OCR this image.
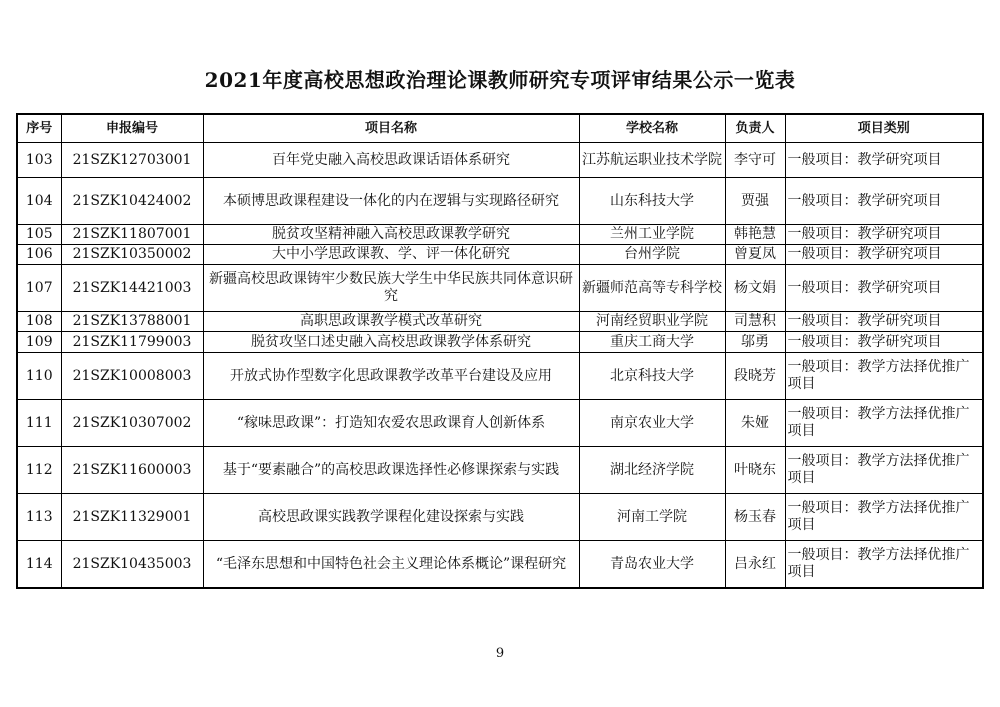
2021年度高校思想政治理论课教师研究专项评审结果公示一览表
序号	申报编号	项目名称	学校名称	负责人	项目类别
103	21SZK12703001	百年党史融入高校思政课话语体系研究	江苏航运职业技术学院	李守可	一般项目：教学研究项目
104	21SZK10424002	本硕博思政课程建设一体化的内在逻辑与实现路径研究	山东科技大学	贾强	一般项目：教学研究项目
105	21SZK11807001	脱贫攻坚精神融入高校思政课教学研究	兰州工业学院	韩艳慧	一般项目：教学研究项目
106	21SZK10350002	大中小学思政课教、学、评一体化研究	台州学院	曾夏凤	一般项目：教学研究项目
107	21SZK14421003	新疆高校思政课铸牢少数民族大学生中华民族共同体意识研究	新疆师范高等专科学校	杨文娟	一般项目：教学研究项目
108	21SZK13788001	高职思政课教学模式改革研究	河南经贸职业学院	司慧积	一般项目：教学研究项目
109	21SZK11799003	脱贫攻坚口述史融入高校思政课教学体系研究	重庆工商大学	邬勇	一般项目：教学研究项目
110	21SZK10008003	开放式协作型数字化思政课教学改革平台建设及应用	北京科技大学	段晓芳	一般项目：教学方法择优推广项目
111	21SZK10307002	“稼味思政课”：打造知农爱农思政课育人创新体系	南京农业大学	朱娅	一般项目：教学方法择优推广项目
112	21SZK11600003	基于“要素融合”的高校思政课选择性必修课探索与实践	湖北经济学院	叶晓东	一般项目：教学方法择优推广项目
113	21SZK11329001	高校思政课实践教学课程化建设探索与实践	河南工学院	杨玉春	一般项目：教学方法择优推广项目
114	21SZK10435003	“毛泽东思想和中国特色社会主义理论体系概论”课程研究	青岛农业大学	吕永红	一般项目：教学方法择优推广项目
9
